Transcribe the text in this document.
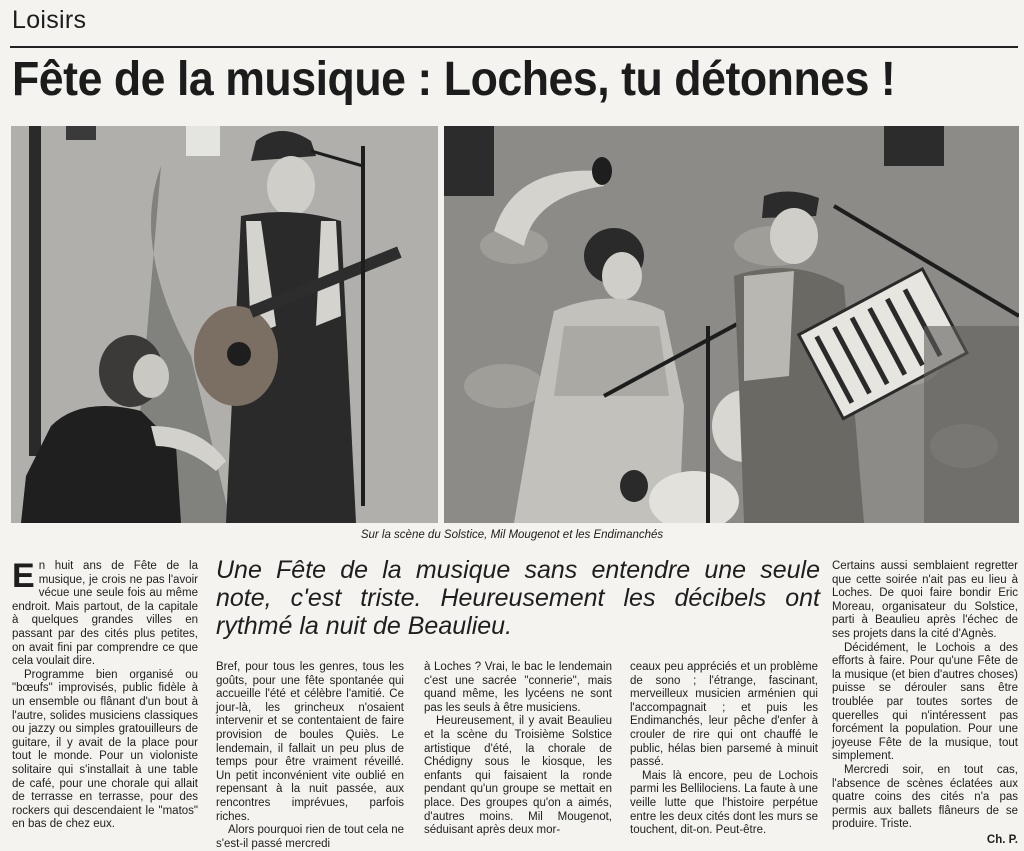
Loisirs
Fête de la musique : Loches, tu détonnes !
Sur la scène du Solstice, Mil Mougenot et les Endimanchés

En huit ans de Fête de la musique, je crois ne pas l'avoir vécue une seule fois au même endroit. Mais partout, de la capitale à quelques grandes villes en passant par des cités plus petites, on avait fini par comprendre ce que cela voulait dire.

Programme bien organisé ou "bœufs" improvisés, public fidèle à un ensemble ou flânant d'un bout à l'autre, solides musiciens classiques ou jazzy ou simples gratouilleurs de guitare, il y avait de la place pour tout le monde. Pour un violoniste solitaire qui s'installait à une table de café, pour une chorale qui allait de terrasse en terrasse, pour des rockers qui descendaient le "matos" en bas de chez eux.

Une Fête de la musique sans entendre une seule note, c'est triste. Heureusement les décibels ont rythmé la nuit de Beaulieu.

Bref, pour tous les genres, tous les goûts, pour une fête spontanée qui accueille l'été et célèbre l'amitié. Ce jour-là, les grincheux n'osaient intervenir et se contentaient de faire provision de boules Quiès. Le lendemain, il fallait un peu plus de temps pour être vraiment réveillé. Un petit inconvénient vite oublié en repensant à la nuit passée, aux rencontres imprévues, parfois riches.

Alors pourquoi rien de tout cela ne s'est-il passé mercredi

à Loches ? Vrai, le bac le lendemain c'est une sacrée "connerie", mais quand même, les lycéens ne sont pas les seuls à être musiciens.

Heureusement, il y avait Beaulieu et la scène du Troisième Solstice artistique d'été, la chorale de Chédigny sous le kiosque, les enfants qui faisaient la ronde pendant qu'un groupe se mettait en place. Des groupes qu'on a aimés, d'autres moins. Mil Mougenot, séduisant après deux mor-

ceaux peu appréciés et un problème de sono ; l'étrange, fascinant, merveilleux musicien arménien qui l'accompagnait ; et puis les Endimanchés, leur pêche d'enfer à crouler de rire qui ont chauffé le public, hélas bien parsemé à minuit passé.

Mais là encore, peu de Lochois parmi les Bellilociens. La faute à une veille lutte que l'histoire perpétue entre les deux cités dont les murs se touchent, dit-on. Peut-être.

Certains aussi semblaient regretter que cette soirée n'ait pas eu lieu à Loches. De quoi faire bondir Eric Moreau, organisateur du Solstice, parti à Beaulieu après l'échec de ses projets dans la cité d'Agnès.

Décidément, le Lochois a des efforts à faire. Pour qu'une Fête de la musique (et bien d'autres choses) puisse se dérouler sans être troublée par toutes sortes de querelles qui n'intéressent pas forcément la population. Pour une joyeuse Fête de la musique, tout simplement.

Mercredi soir, en tout cas, l'absence de scènes éclatées aux quatre coins des cités n'a pas permis aux ballets flâneurs de se produire. Triste.

Ch. P.
